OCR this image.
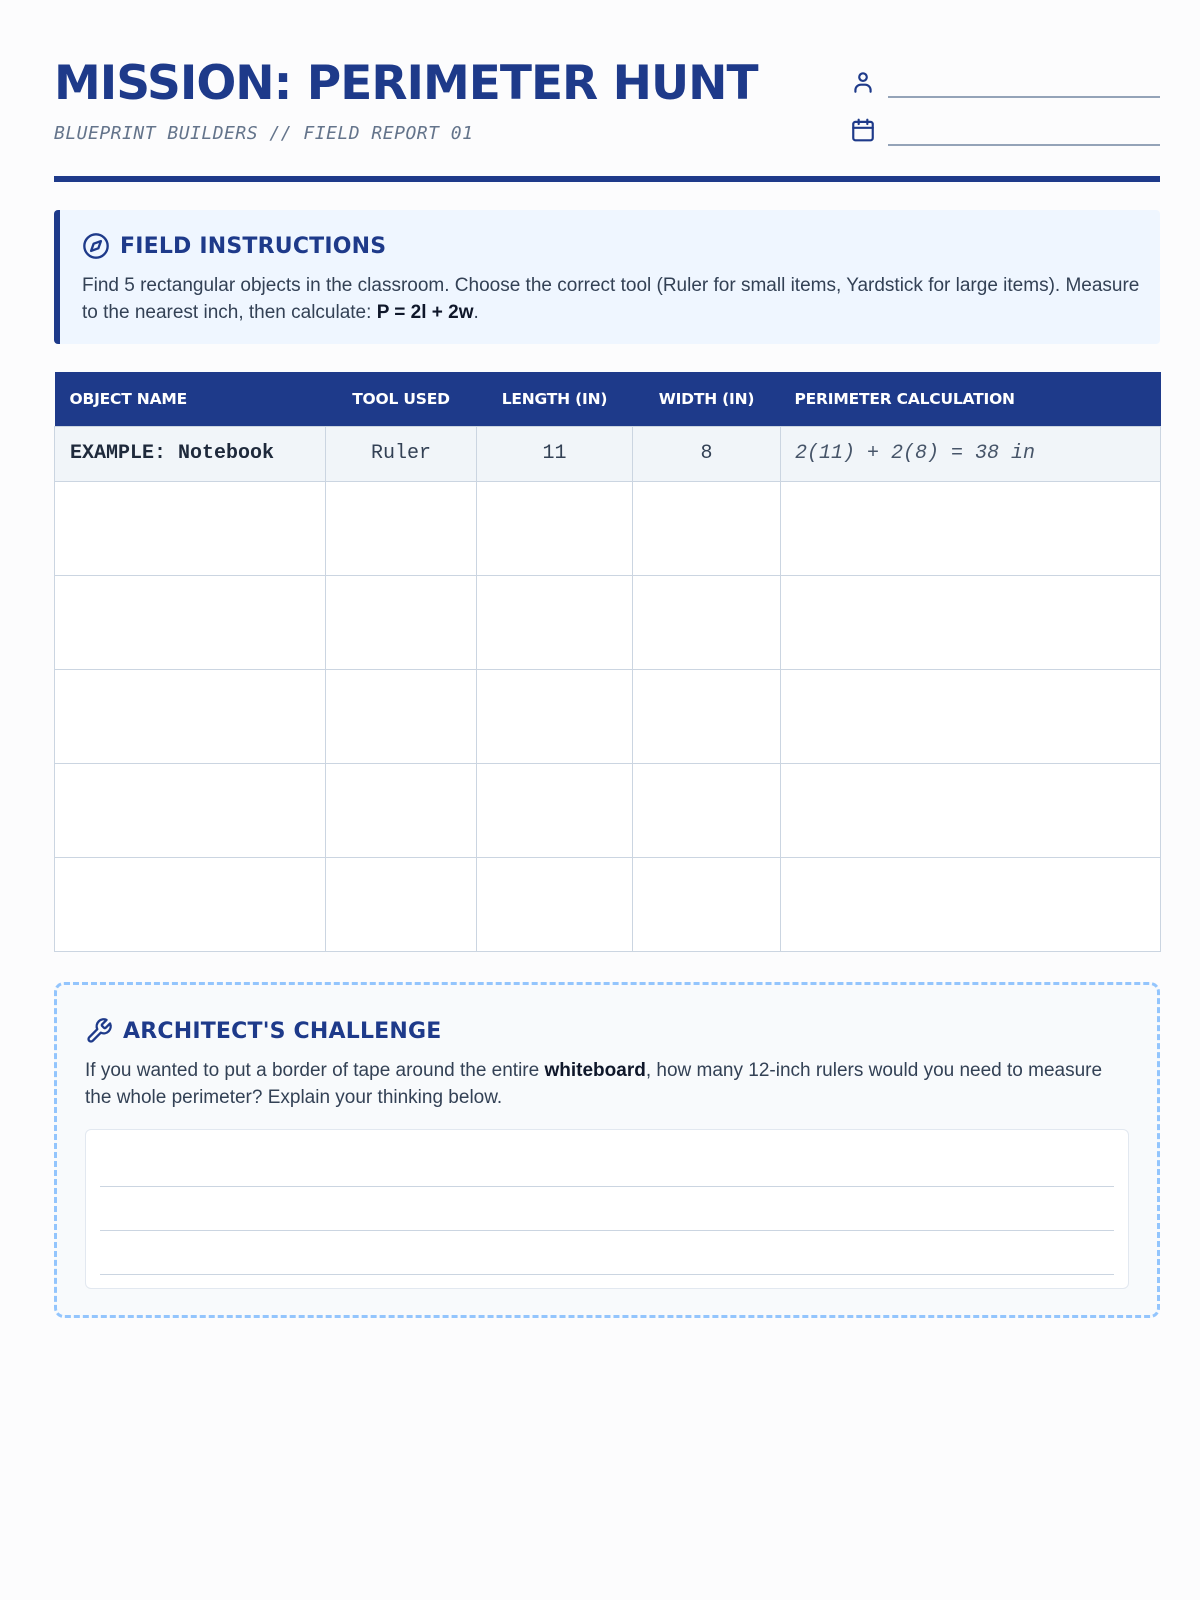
MISSION: PERIMETER HUNT
BLUEPRINT BUILDERS // FIELD REPORT 01
FIELD INSTRUCTIONS
Find 5 rectangular objects in the classroom. Choose the correct tool (Ruler for small items, Yardstick for large items). Measure to the nearest inch, then calculate: P = 2l + 2w.
OBJECT NAME	TOOL USED	LENGTH (IN)	WIDTH (IN)	PERIMETER CALCULATION
EXAMPLE: Notebook	Ruler	11	8	2(11) + 2(8) = 38 in

ARCHITECT'S CHALLENGE
If you wanted to put a border of tape around the entire whiteboard, how many 12-inch rulers would you need to measure the whole perimeter? Explain your thinking below.
